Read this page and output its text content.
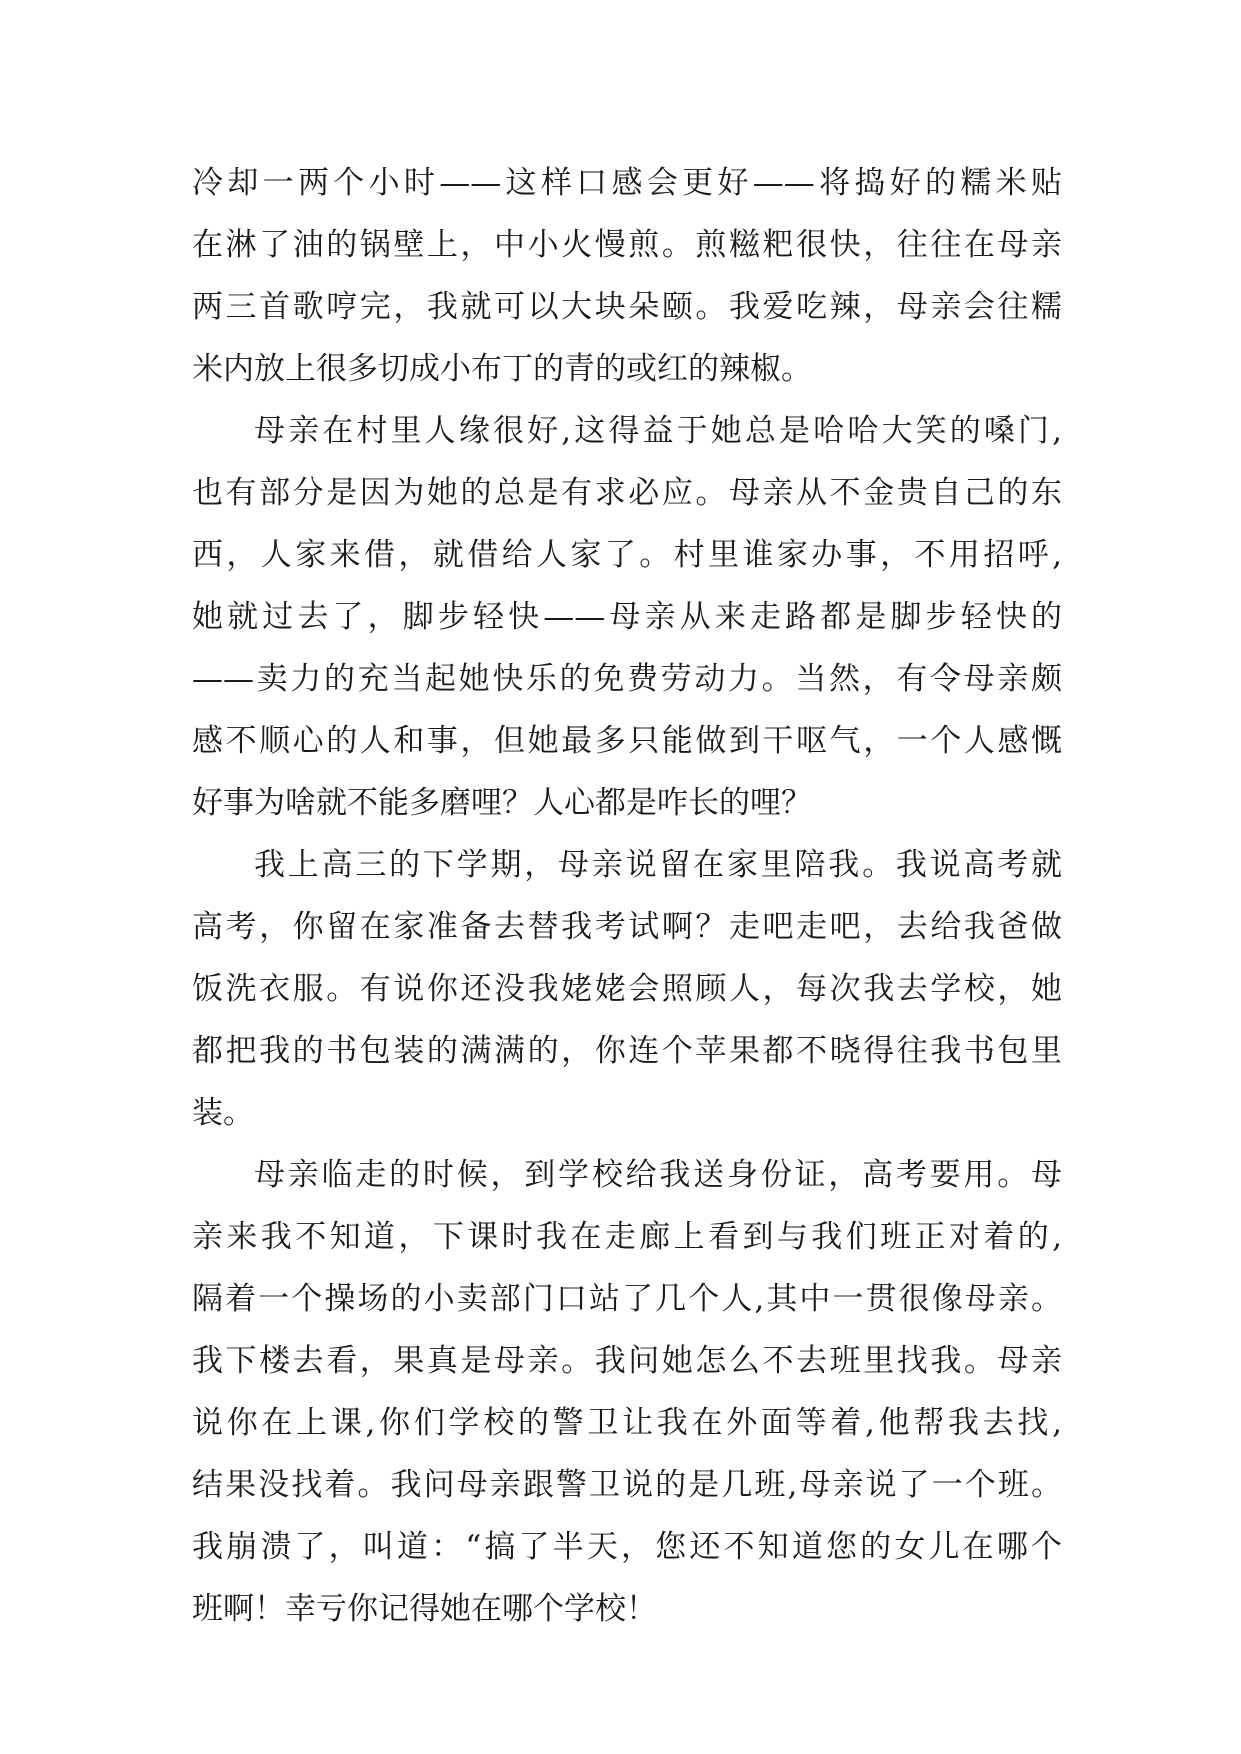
冷却一两个小时——这样口感会更好——将捣好的糯米贴
在淋了油的锅壁上，中小火慢煎。煎糍粑很快，往往在母亲
两三首歌哼完，我就可以大块朵颐。我爱吃辣，母亲会往糯
米内放上很多切成小布丁的青的或红的辣椒。
母亲在村里人缘很好,这得益于她总是哈哈大笑的嗓门,
也有部分是因为她的总是有求必应。母亲从不金贵自己的东
西，人家来借，就借给人家了。村里谁家办事，不用招呼,
她就过去了，脚步轻快——母亲从来走路都是脚步轻快的
——卖力的充当起她快乐的免费劳动力。当然，有令母亲颇
感不顺心的人和事，但她最多只能做到干呕气，一个人感慨
好事为啥就不能多磨哩？人心都是咋长的哩？
我上高三的下学期，母亲说留在家里陪我。我说高考就
高考，你留在家准备去替我考试啊？走吧走吧，去给我爸做
饭洗衣服。有说你还没我姥姥会照顾人，每次我去学校，她
都把我的书包装的满满的，你连个苹果都不晓得往我书包里
装。
母亲临走的时候，到学校给我送身份证，高考要用。母
亲来我不知道，下课时我在走廊上看到与我们班正对着的,
隔着一个操场的小卖部门口站了几个人,其中一贯很像母亲。
我下楼去看，果真是母亲。我问她怎么不去班里找我。母亲
说你在上课,你们学校的警卫让我在外面等着,他帮我去找,
结果没找着。我问母亲跟警卫说的是几班,母亲说了一个班。
我崩溃了，叫道：“搞了半天，您还不知道您的女儿在哪个
班啊！幸亏你记得她在哪个学校！
